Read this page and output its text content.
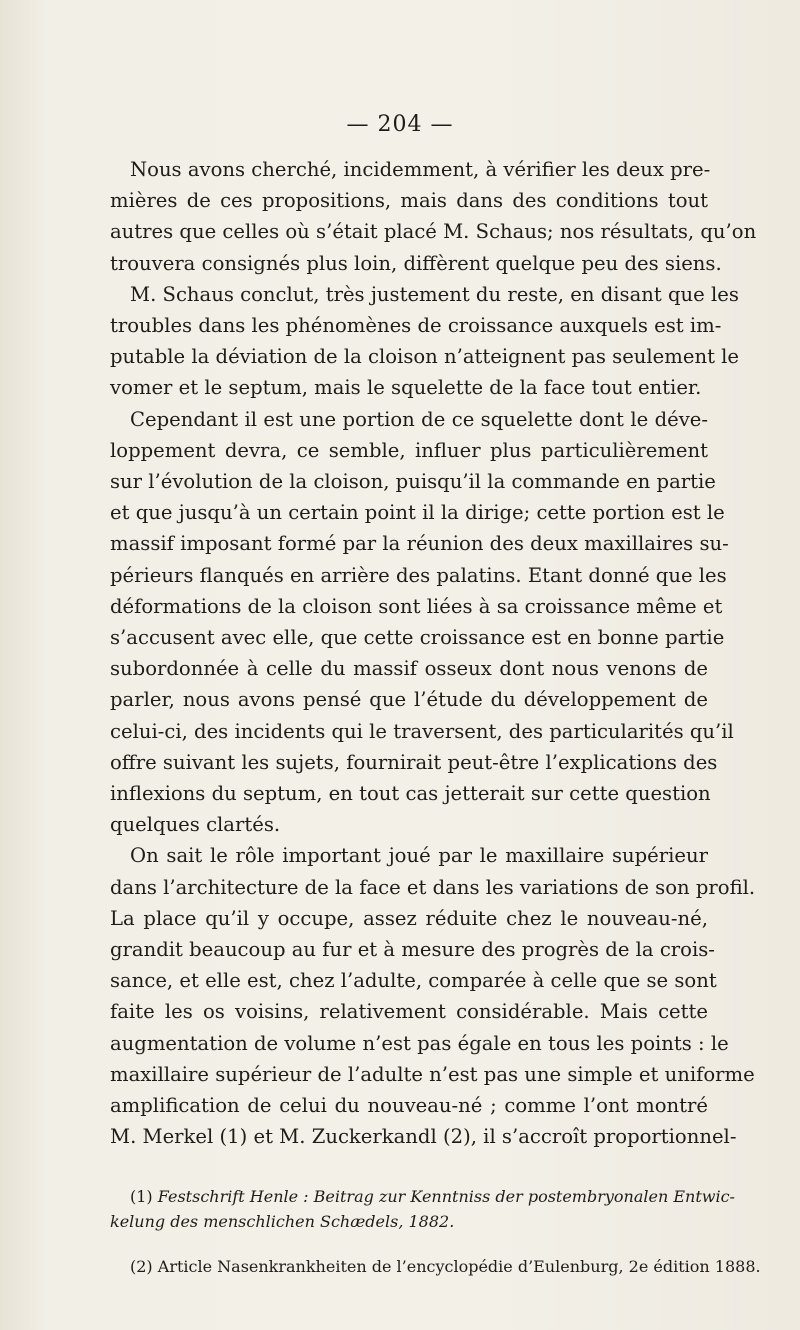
— 204 —
Nous avons cherché, incidemment, à vérifier les deux pre-
mières de ces propositions, mais dans des conditions tout
autres que celles où s’était placé M. Schaus; nos résultats, qu’on
trouvera consignés plus loin, diffèrent quelque peu des siens.
M. Schaus conclut, très justement du reste, en disant que les
troubles dans les phénomènes de croissance auxquels est im-
putable la déviation de la cloison n’atteignent pas seulement le
vomer et le septum, mais le squelette de la face tout entier.
Cependant il est une portion de ce squelette dont le déve-
loppement devra, ce semble, influer plus particulièrement
sur l’évolution de la cloison, puisqu’il la commande en partie
et que jusqu’à un certain point il la dirige; cette portion est le
massif imposant formé par la réunion des deux maxillaires su-
périeurs flanqués en arrière des palatins. Etant donné que les
déformations de la cloison sont liées à sa croissance même et
s’accusent avec elle, que cette croissance est en bonne partie
subordonnée à celle du massif osseux dont nous venons de
parler, nous avons pensé que l’étude du développement de
celui-ci, des incidents qui le traversent, des particularités qu’il
offre suivant les sujets, fournirait peut-être l’explications des
inflexions du septum, en tout cas jetterait sur cette question
quelques clartés.
On sait le rôle important joué par le maxillaire supérieur
dans l’architecture de la face et dans les variations de son profil.
La place qu’il y occupe, assez réduite chez le nouveau-né,
grandit beaucoup au fur et à mesure des progrès de la crois-
sance, et elle est, chez l’adulte, comparée à celle que se sont
faite les os voisins, relativement considérable. Mais cette
augmentation de volume n’est pas égale en tous les points : le
maxillaire supérieur de l’adulte n’est pas une simple et uniforme
amplification de celui du nouveau-né ; comme l’ont montré
M. Merkel (1) et M. Zuckerkandl (2), il s’accroît proportionnel-
(1) Festschrift Henle : Beitrag zur Kenntniss der postembryonalen Entwic-
kelung des menschlichen Schædels, 1882.
(2) Article Nasenkrankheiten de l’encyclopédie d’Eulenburg, 2e édition 1888.
